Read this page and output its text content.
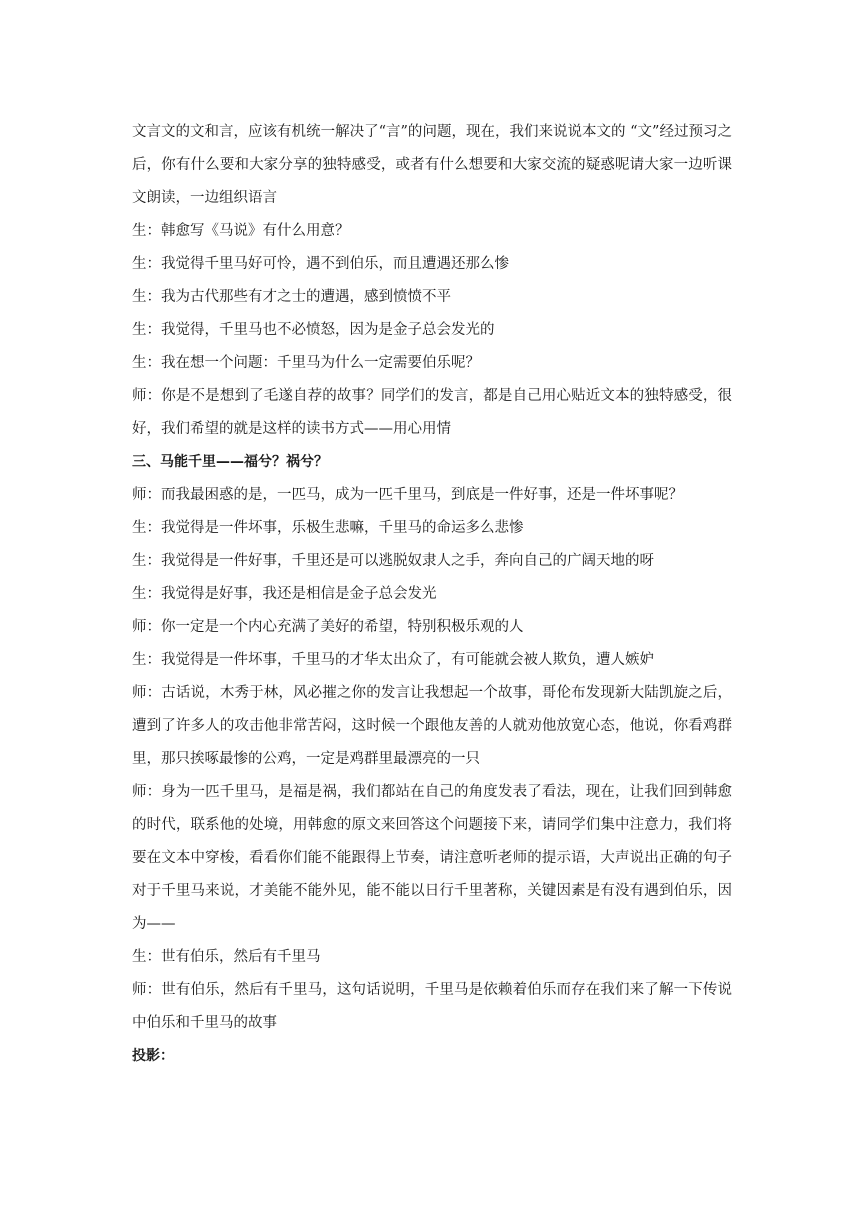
文言文的文和言，应该有机统一解决了“言”的问题，现在，我们来说说本文的 “文”经过预习之后，你有什么要和大家分享的独特感受，或者有什么想要和大家交流的疑惑呢请大家一边听课文朗读，一边组织语言

生：韩愈写《马说》有什么用意？

生：我觉得千里马好可怜，遇不到伯乐，而且遭遇还那么惨

生：我为古代那些有才之士的遭遇，感到愤愤不平

生：我觉得，千里马也不必愤怒，因为是金子总会发光的

生：我在想一个问题：千里马为什么一定需要伯乐呢？

师：你是不是想到了毛遂自荐的故事？同学们的发言，都是自己用心贴近文本的独特感受，很好，我们希望的就是这样的读书方式——用心用情

三、马能千里——福兮？祸兮？

师：而我最困惑的是，一匹马，成为一匹千里马，到底是一件好事，还是一件坏事呢？

生：我觉得是一件坏事，乐极生悲嘛，千里马的命运多么悲惨

生：我觉得是一件好事，千里还是可以逃脱奴隶人之手，奔向自己的广阔天地的呀

生：我觉得是好事，我还是相信是金子总会发光

师：你一定是一个内心充满了美好的希望，特别积极乐观的人

生：我觉得是一件坏事，千里马的才华太出众了，有可能就会被人欺负，遭人嫉妒

师：古话说，木秀于林，风必摧之你的发言让我想起一个故事，哥伦布发现新大陆凯旋之后，遭到了许多人的攻击他非常苦闷，这时候一个跟他友善的人就劝他放宽心态，他说，你看鸡群里，那只挨啄最惨的公鸡，一定是鸡群里最漂亮的一只

师：身为一匹千里马，是福是祸，我们都站在自己的角度发表了看法，现在，让我们回到韩愈的时代，联系他的处境，用韩愈的原文来回答这个问题接下来，请同学们集中注意力，我们将要在文本中穿梭，看看你们能不能跟得上节奏，请注意听老师的提示语，大声说出正确的句子对于千里马来说，才美能不能外见，能不能以日行千里著称，关键因素是有没有遇到伯乐，因为——

生：世有伯乐，然后有千里马

师：世有伯乐，然后有千里马，这句话说明，千里马是依赖着伯乐而存在我们来了解一下传说中伯乐和千里马的故事

投影：
